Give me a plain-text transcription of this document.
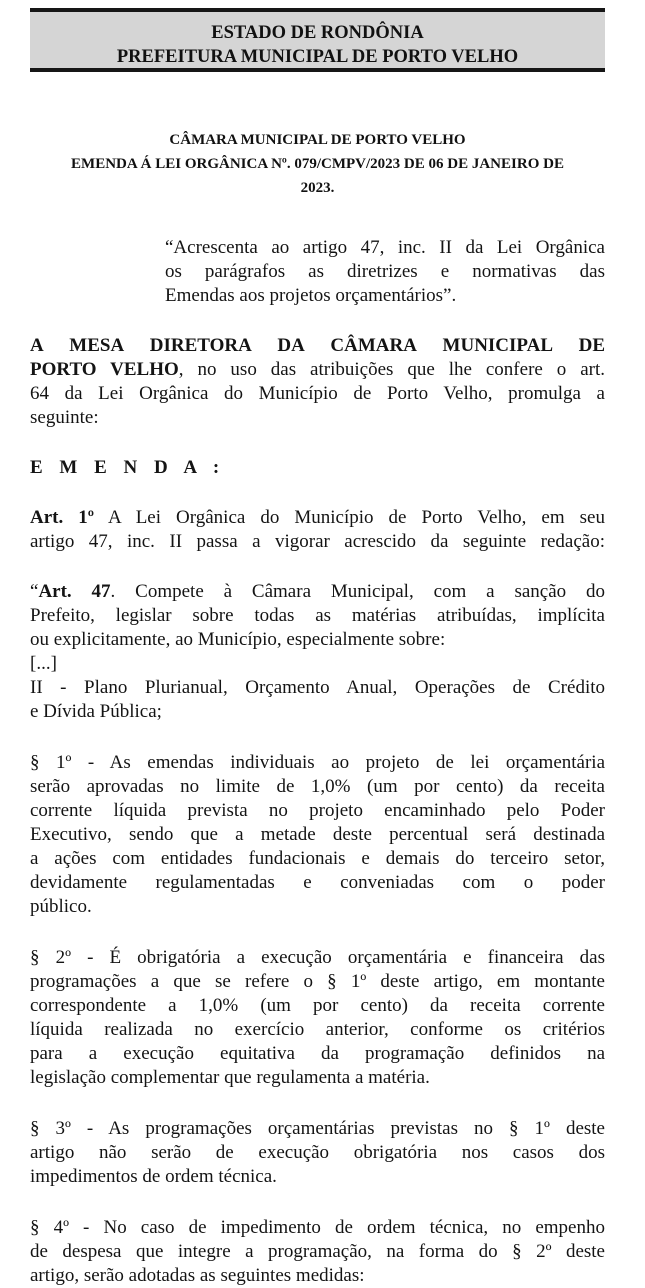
ESTADO DE RONDÔNIA
PREFEITURA MUNICIPAL DE PORTO VELHO
CÂMARA MUNICIPAL DE PORTO VELHO
EMENDA Á LEI ORGÂNICA Nº. 079/CMPV/2023 DE 06 DE JANEIRO DE
2023.
“Acrescenta ao artigo 47, inc. II da Lei Orgânica
os parágrafos as diretrizes e normativas das
Emendas aos projetos orçamentários”.
A MESA DIRETORA DA CÂMARA MUNICIPAL DE
PORTO VELHO, no uso das atribuições que lhe confere o art.
64 da Lei Orgânica do Município de Porto Velho, promulga a
seguinte:
E M E N D A :
Art. 1º A Lei Orgânica do Município de Porto Velho, em seu
artigo 47, inc. II passa a vigorar acrescido da seguinte redação:
“Art. 47. Compete à Câmara Municipal, com a sanção do
Prefeito, legislar sobre todas as matérias atribuídas, implícita
ou explicitamente, ao Município, especialmente sobre:
[...]
II - Plano Plurianual, Orçamento Anual, Operações de Crédito
e Dívida Pública;
§ 1º - As emendas individuais ao projeto de lei orçamentária
serão aprovadas no limite de 1,0% (um por cento) da receita
corrente líquida prevista no projeto encaminhado pelo Poder
Executivo, sendo que a metade deste percentual será destinada
a ações com entidades fundacionais e demais do terceiro setor,
devidamente regulamentadas e conveniadas com o poder
público.
§ 2º - É obrigatória a execução orçamentária e financeira das
programações a que se refere o § 1º deste artigo, em montante
correspondente a 1,0% (um por cento) da receita corrente
líquida realizada no exercício anterior, conforme os critérios
para a execução equitativa da programação definidos na
legislação complementar que regulamenta a matéria.
§ 3º - As programações orçamentárias previstas no § 1º deste
artigo não serão de execução obrigatória nos casos dos
impedimentos de ordem técnica.
§ 4º - No caso de impedimento de ordem técnica, no empenho
de despesa que integre a programação, na forma do § 2º deste
artigo, serão adotadas as seguintes medidas:
